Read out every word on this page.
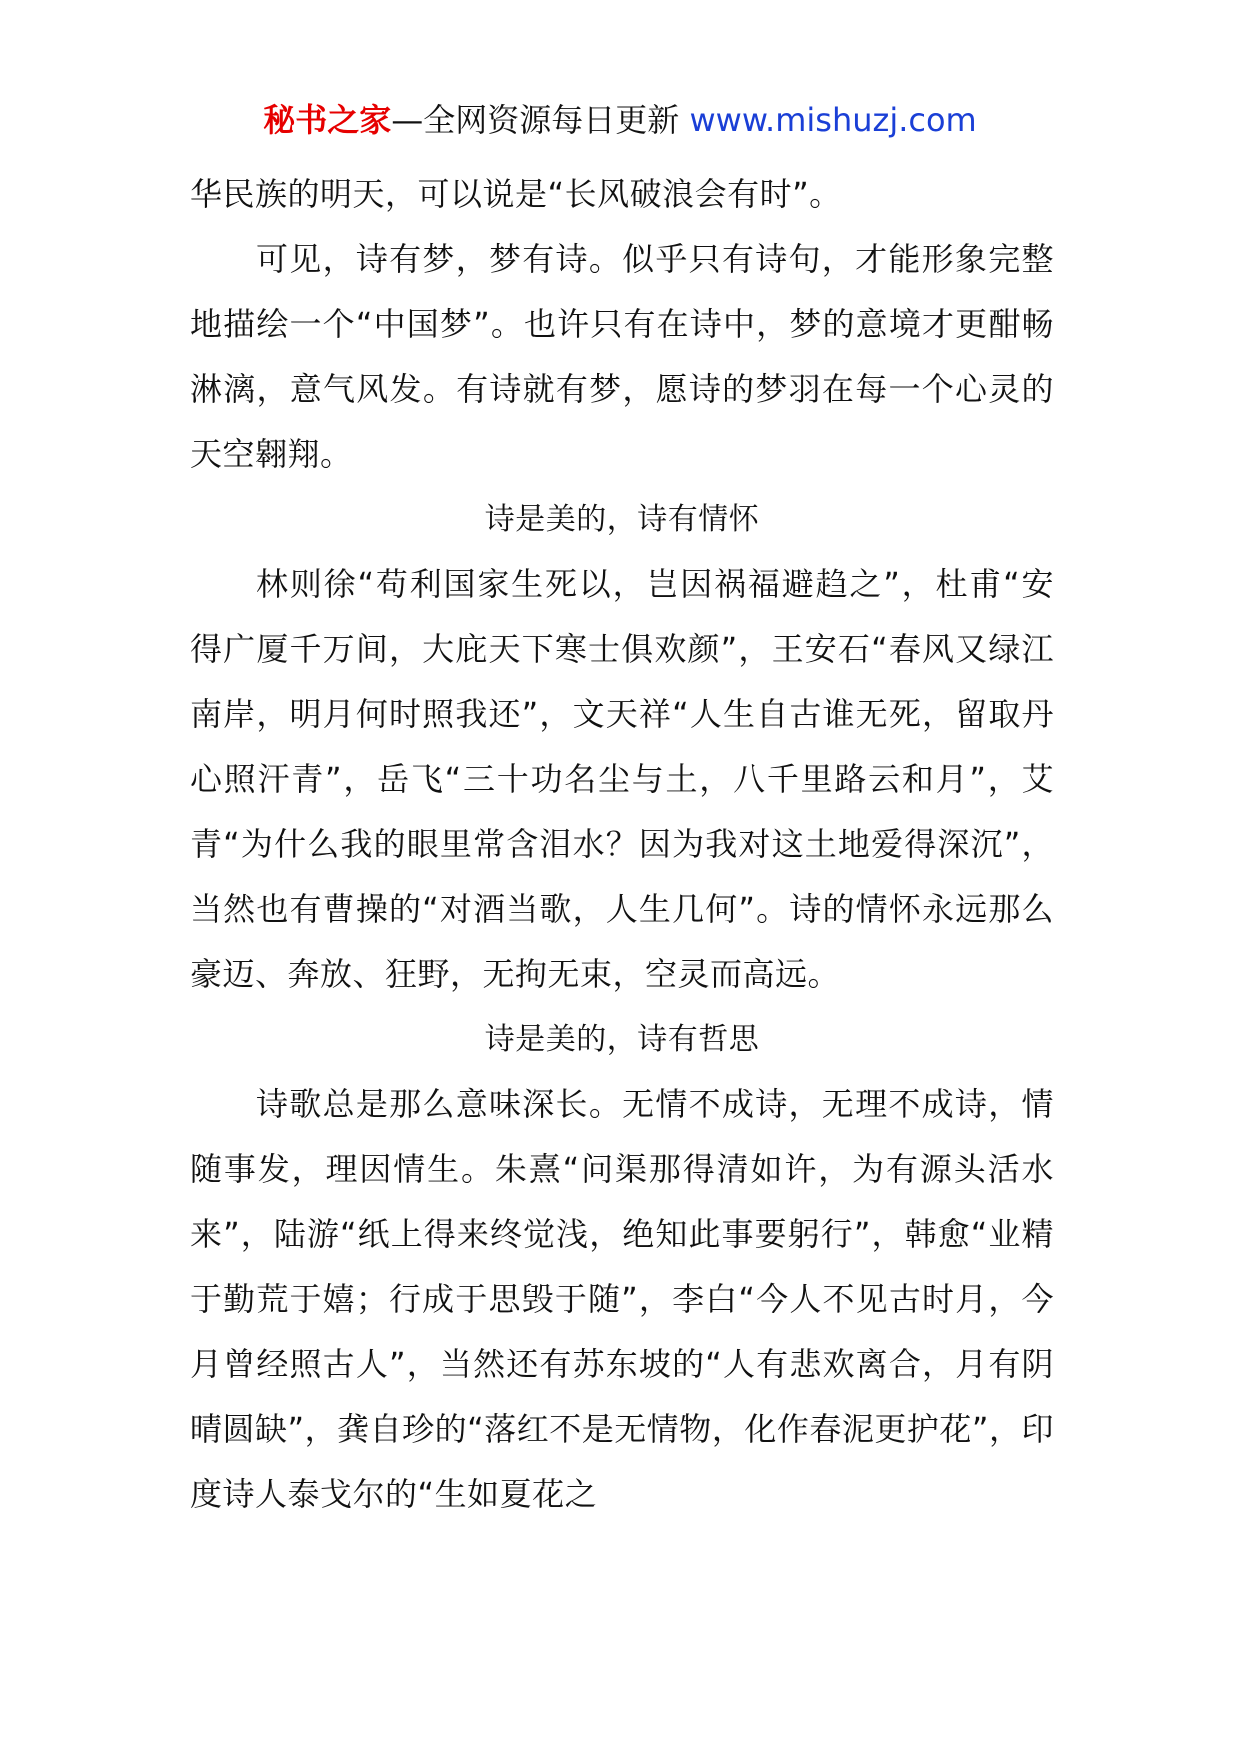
秘书之家—全网资源每日更新 www.mishuzj.com

华民族的明天，可以说是“长风破浪会有时”。

可见，诗有梦，梦有诗。似乎只有诗句，才能形象完整地描绘一个“中国梦”。也许只有在诗中，梦的意境才更酣畅淋漓，意气风发。有诗就有梦，愿诗的梦羽在每一个心灵的天空翱翔。

诗是美的，诗有情怀

林则徐“苟利国家生死以，岂因祸福避趋之”，杜甫“安得广厦千万间，大庇天下寒士俱欢颜”，王安石“春风又绿江南岸，明月何时照我还”，文天祥“人生自古谁无死，留取丹心照汗青”，岳飞“三十功名尘与土，八千里路云和月”，艾青“为什么我的眼里常含泪水？因为我对这土地爱得深沉”，当然也有曹操的“对酒当歌，人生几何”。诗的情怀永远那么豪迈、奔放、狂野，无拘无束，空灵而高远。

诗是美的，诗有哲思

诗歌总是那么意味深长。无情不成诗，无理不成诗，情随事发，理因情生。朱熹“问渠那得清如许，为有源头活水来”，陆游“纸上得来终觉浅，绝知此事要躬行”，韩愈“业精于勤荒于嬉；行成于思毁于随”，李白“今人不见古时月，今月曾经照古人”，当然还有苏东坡的“人有悲欢离合，月有阴晴圆缺”，龚自珍的“落红不是无情物，化作春泥更护花”，印度诗人泰戈尔的“生如夏花之
